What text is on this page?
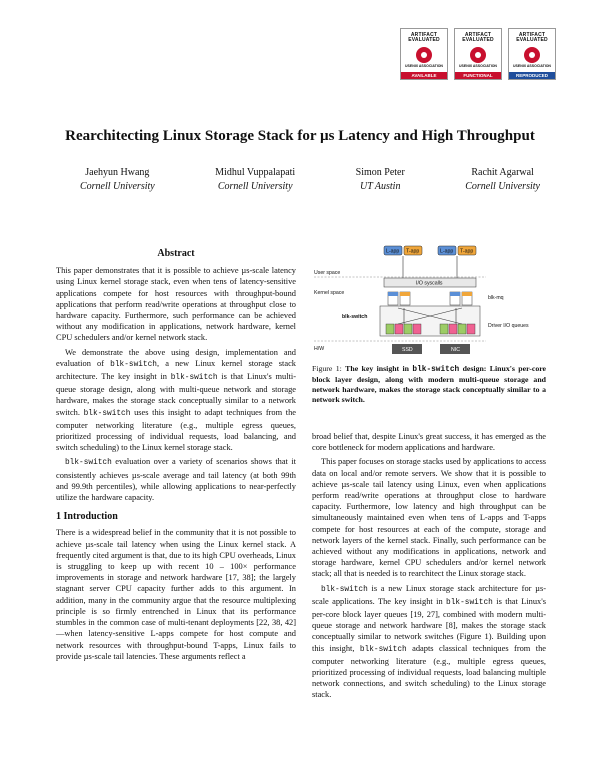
ARTIFACT
EVALUATED
USENIX ASSOCIATION
AVAILABLE
ARTIFACT
EVALUATED
USENIX ASSOCIATION
FUNCTIONAL
ARTIFACT
EVALUATED
USENIX ASSOCIATION
REPRODUCED
Rearchitecting Linux Storage Stack for µs Latency and High Throughput
Jaehyun Hwang
Cornell University
Midhul Vuppalapati
Cornell University
Simon Peter
UT Austin
Rachit Agarwal
Cornell University
Abstract

This paper demonstrates that it is possible to achieve µs-scale latency using Linux kernel storage stack, even when tens of latency-sensitive applications compete for host resources with throughput-bound applications that perform read/write operations at throughput close to hardware capacity. Furthermore, such performance can be achieved without any modification in applications, network hardware, kernel CPU schedulers and/or kernel network stack.

We demonstrate the above using design, implementation and evaluation of blk-switch, a new Linux kernel storage stack architecture. The key insight in blk-switch is that Linux's multi-queue storage design, along with multi-queue network and storage hardware, makes the storage stack conceptually similar to a network switch. blk-switch uses this insight to adapt techniques from the computer networking literature (e.g., multiple egress queues, prioritized processing of individual requests, load balancing, and switch scheduling) to the Linux kernel storage stack.

blk-switch evaluation over a variety of scenarios shows that it consistently achieves µs-scale average and tail latency (at both 99th and 99.9th percentiles), while allowing applications to near-perfectly utilize the hardware capacity.

1 Introduction

There is a widespread belief in the community that it is not possible to achieve µs-scale tail latency when using the Linux kernel stack. A frequently cited argument is that, due to its high CPU overheads, Linux is struggling to keep up with recent 10 – 100× performance improvements in storage and network hardware [17, 38]; the largely stagnant server CPU capacity further adds to this argument. In addition, many in the community argue that the resource multiplexing principle is so firmly entrenched in Linux that its performance stumbles in the common case of multi-tenant deployments [22, 38, 42]—when latency-sensitive L-apps compete for host compute and network resources with throughput-bound T-apps, Linux fails to provide µs-scale tail latencies. These arguments reflect a

L-app T-app	L-app T-app
User space
I/O syscalls
Kernel space
blk-mq
blk-switch
Driver I/O queues
H/W	SSD	NIC
Figure 1: The key insight in blk-switch design: Linux's per-core block layer design, along with modern multi-queue storage and network hardware, makes the storage stack conceptually similar to a network switch.

broad belief that, despite Linux's great success, it has emerged as the core bottleneck for modern applications and hardware.

This paper focuses on storage stacks used by applications to access data on local and/or remote servers. We show that it is possible to achieve µs-scale tail latency using Linux, even when applications perform read/write operations at throughput close to hardware capacity. Furthermore, low latency and high throughput can be simultaneously maintained even when tens of L-apps and T-apps compete for host resources at each of the compute, storage and network layers of the kernel stack. Finally, such performance can be achieved without any modifications in applications, network and storage hardware, kernel CPU schedulers and/or kernel network stack; all that is needed is to rearchitect the Linux storage stack.

blk-switch is a new Linux storage stack architecture for µs-scale applications. The key insight in blk-switch is that Linux's per-core block layer queues [19, 27], combined with modern multi-queue storage and network hardware [8], makes the storage stack conceptually similar to network switches (Figure 1). Building upon this insight, blk-switch adapts classical techniques from the computer networking literature (e.g., multiple egress queues, prioritized processing of individual requests, load balancing multiple network connections, and switch scheduling) to the Linux storage stack.
